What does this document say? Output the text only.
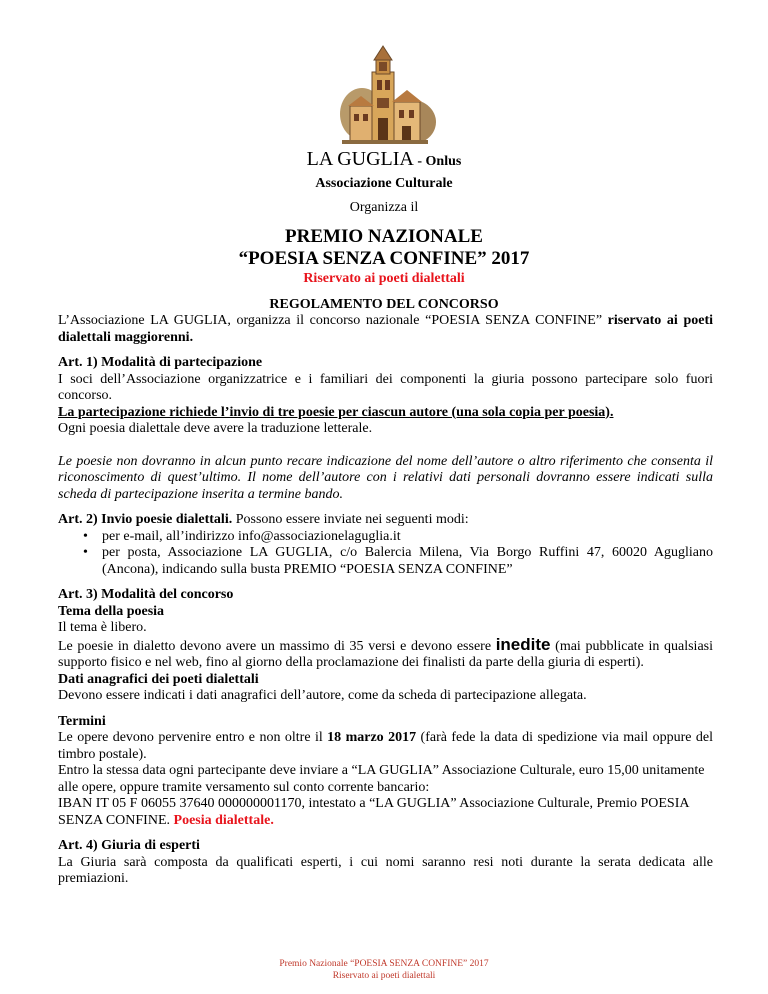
LA GUGLIA - Onlus
Associazione Culturale
Organizza il
PREMIO NAZIONALE
“POESIA SENZA CONFINE” 2017
Riservato ai poeti dialettali
REGOLAMENTO DEL CONCORSO

L’Associazione LA GUGLIA, organizza il concorso nazionale “POESIA SENZA CONFINE” riservato ai poeti dialettali maggiorenni.

Art. 1) Modalità di partecipazione

I soci dell’Associazione organizzatrice e i familiari dei componenti la giuria possono partecipare solo fuori concorso.

La partecipazione richiede l’invio di tre poesie per ciascun autore (una sola copia per poesia).

Ogni poesia dialettale deve avere la traduzione letterale.

Le poesie non dovranno in alcun punto recare indicazione del nome dell’autore o altro riferimento che consenta il riconoscimento di quest’ultimo. Il nome dell’autore con i relativi dati personali dovranno essere indicati sulla scheda di partecipazione inserita a termine bando.

Art. 2) Invio poesie dialettali. Possono essere inviate nei seguenti modi:

• per e-mail, all’indirizzo info@associazionelaguglia.it
• per posta, Associazione LA GUGLIA, c/o Balercia Milena, Via Borgo Ruffini 47, 60020 Agugliano (Ancona), indicando sulla busta PREMIO “POESIA SENZA CONFINE”

Art. 3) Modalità del concorso

Tema della poesia

Il tema è libero.

Le poesie in dialetto devono avere un massimo di 35 versi e devono essere inedite (mai pubblicate in qualsiasi supporto fisico e nel web, fino al giorno della proclamazione dei finalisti da parte della giuria di esperti).

Dati anagrafici dei poeti dialettali

Devono essere indicati i dati anagrafici dell’autore, come da scheda di partecipazione allegata.

Termini

Le opere devono pervenire entro e non oltre il 18 marzo 2017 (farà fede la data di spedizione via mail oppure del timbro postale).

Entro la stessa data ogni partecipante deve inviare a “LA GUGLIA” Associazione Culturale, euro 15,00 unitamente alle opere, oppure tramite versamento sul conto corrente bancario:

IBAN IT 05 F 06055 37640 000000001170, intestato a “LA GUGLIA” Associazione Culturale, Premio POESIA SENZA CONFINE. Poesia dialettale.

Art. 4) Giuria di esperti

La Giuria sarà composta da qualificati esperti, i cui nomi saranno resi noti durante la serata dedicata alle premiazioni.

Premio Nazionale “POESIA SENZA CONFINE” 2017
Riservato ai poeti dialettali
